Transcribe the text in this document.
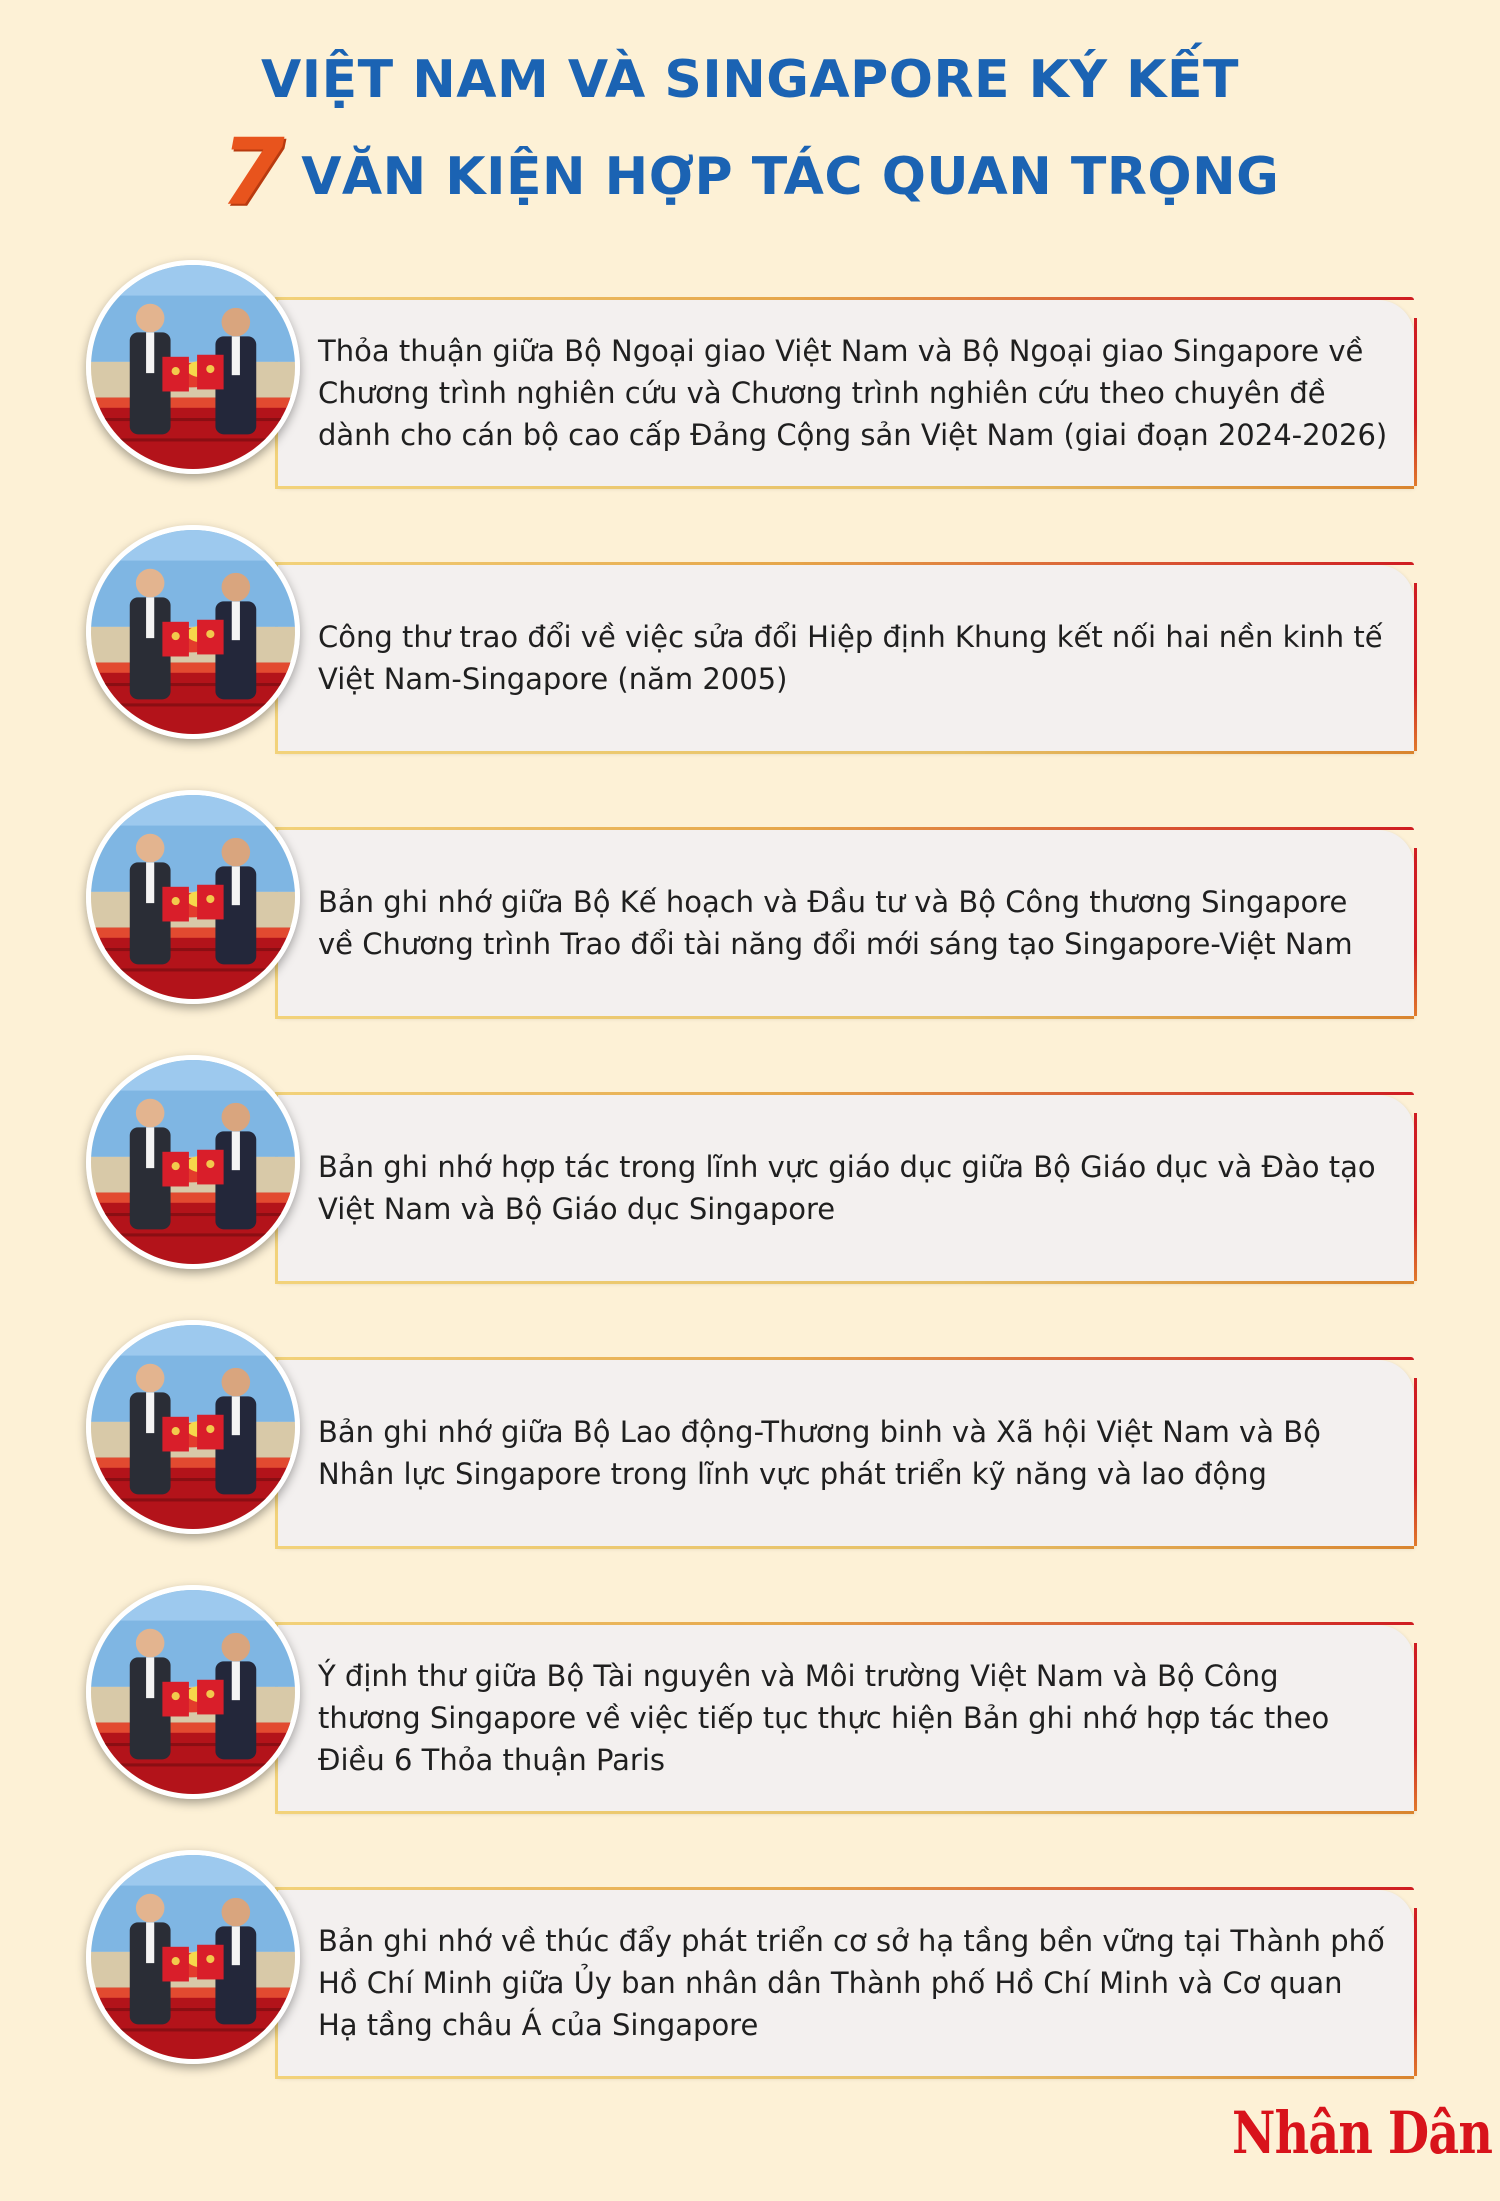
VIỆT NAM VÀ SINGAPORE KÝ KẾT
7 VĂN KIỆN HỢP TÁC QUAN TRỌNG
Thỏa thuận giữa Bộ Ngoại giao Việt Nam và Bộ Ngoại giao Singapore về Chương trình nghiên cứu và Chương trình nghiên cứu theo chuyên đề dành cho cán bộ cao cấp Đảng Cộng sản Việt Nam (giai đoạn 2024-2026)
Công thư trao đổi về việc sửa đổi Hiệp định Khung kết nối hai nền kinh tế Việt Nam-Singapore (năm 2005)
Bản ghi nhớ giữa Bộ Kế hoạch và Đầu tư và Bộ Công thương Singapore về Chương trình Trao đổi tài năng đổi mới sáng tạo Singapore-Việt Nam
Bản ghi nhớ hợp tác trong lĩnh vực giáo dục giữa Bộ Giáo dục và Đào tạo Việt Nam và Bộ Giáo dục Singapore
Bản ghi nhớ giữa Bộ Lao động-Thương binh và Xã hội Việt Nam và Bộ Nhân lực Singapore trong lĩnh vực phát triển kỹ năng và lao động
Ý định thư giữa Bộ Tài nguyên và Môi trường Việt Nam và Bộ Công thương Singapore về việc tiếp tục thực hiện Bản ghi nhớ hợp tác theo Điều 6 Thỏa thuận Paris
Bản ghi nhớ về thúc đẩy phát triển cơ sở hạ tầng bền vững tại Thành phố Hồ Chí Minh giữa Ủy ban nhân dân Thành phố Hồ Chí Minh và Cơ quan Hạ tầng châu Á của Singapore
Nhân Dân
